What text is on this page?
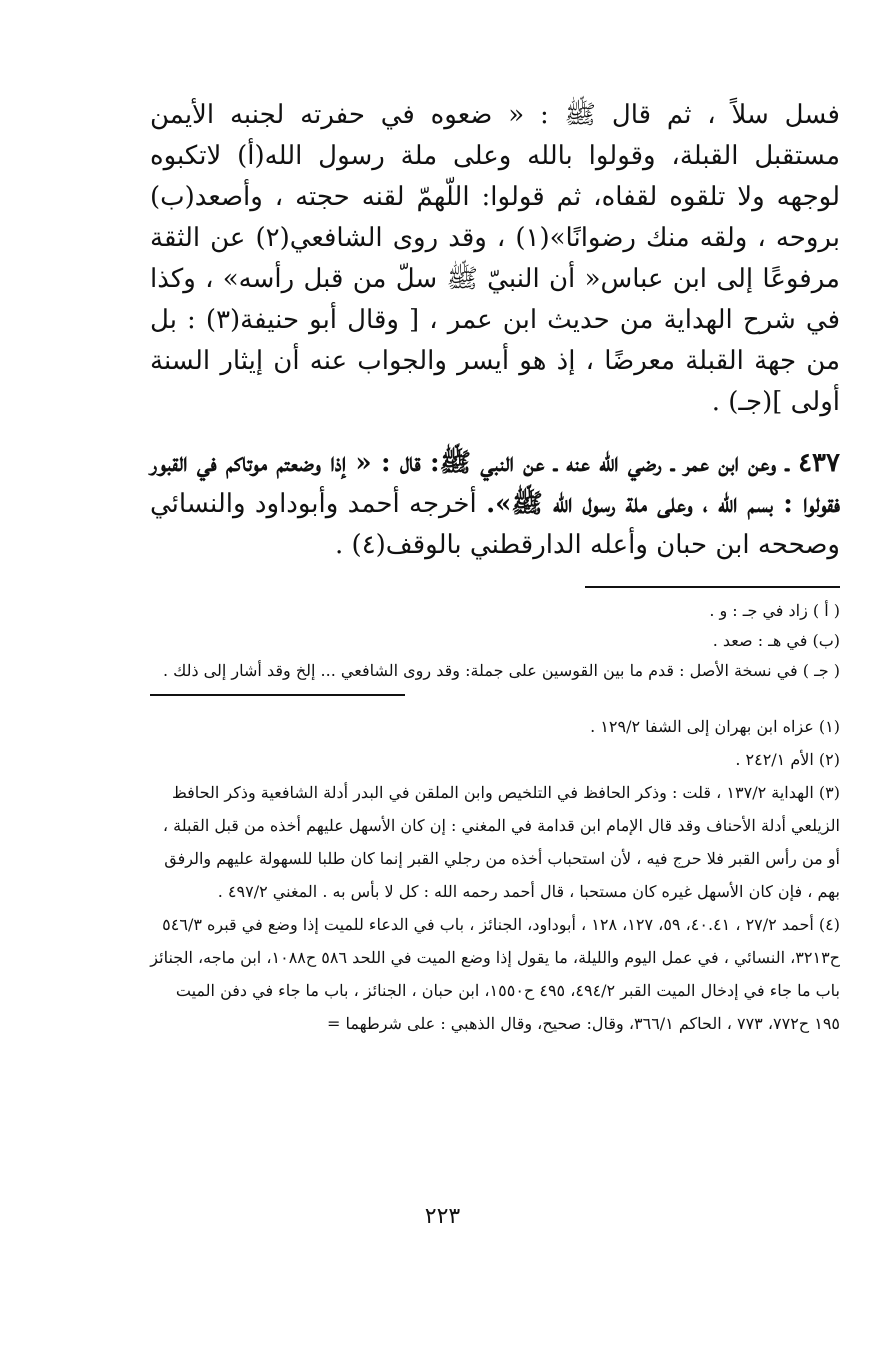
فسل سلاً ، ثم قال ﷺ : « ضعوه في حفرته لجنبه الأيمن مستقبل القبلة، وقولوا بالله وعلى ملة رسول الله(أ) لاتكبوه لوجهه ولا تلقوه لقفاه، ثم قولوا: اللّهمّ لقنه حجته ، وأصعد(ب) بروحه ، ولقه منك رضوانًا»(١) ، وقد روى الشافعي(٢) عن الثقة مرفوعًا إلى ابن عباس« أن النبيّ ﷺ سلّ من قبل رأسه» ، وكذا في شرح الهداية من حديث ابن عمر ، [ وقال أبو حنيفة(٣) : بل من جهة القبلة معرضًا ، إذ هو أيسر والجواب عنه أن إيثار السنة أولى ](جـ) .

٤٣٧ ـ وعن ابن عمر ـ رضي الله عنه ـ عن النبي ﷺ: قال : « إذا وضعتم موتاكم في القبور فقولوا : بسم الله ، وعلى ملة رسول الله ﷺ». أخرجه أحمد وأبوداود والنسائي وصححه ابن حبان وأعله الدارقطني بالوقف(٤) .

( أ ) زاد في جـ : و .
(ب) في هـ : صعد .
( جـ ) في نسخة الأصل : قدم ما بين القوسين على جملة: وقد روى الشافعي ... إلخ وقد أشار إلى ذلك .
(١) عزاه ابن بهران إلى الشفا ١٢٩/٢ .
(٢) الأم ٢٤٢/١ .
(٣) الهداية ١٣٧/٢ ، قلت : وذكر الحافظ في التلخيص وابن الملقن في البدر أدلة الشافعية وذكر الحافظ الزيلعي أدلة الأحناف وقد قال الإمام ابن قدامة في المغني : إن كان الأسهل عليهم أخذه من قبل القبلة ، أو من رأس القبر فلا حرج فيه ، لأن استحباب أخذه من رجلي القبر إنما كان طلبا للسهولة عليهم والرفق بهم ، فإن كان الأسهل غيره كان مستحبا ، قال أحمد رحمه الله : كل لا بأس به . المغني ٤٩٧/٢ .
(٤) أحمد ٢٧/٢ ، ٤٠.٤١، ٥٩، ١٢٧، ١٢٨ ، أبوداود، الجنائز ، باب في الدعاء للميت إذا وضع في قبره ٥٤٦/٣ ح٣٢١٣، النسائي ، في عمل اليوم والليلة، ما يقول إذا وضع الميت في اللحد ٥٨٦ ح١٠٨٨، ابن ماجه، الجنائز باب ما جاء في إدخال الميت القبر ٤٩٤/٢، ٤٩٥ ح١٥٥٠، ابن حبان ، الجنائز ، باب ما جاء في دفن الميت ١٩٥ ح٧٧٢، ٧٧٣ ، الحاكم ٣٦٦/١، وقال: صحيح، وقال الذهبي : على شرطهما =
٢٢٣
